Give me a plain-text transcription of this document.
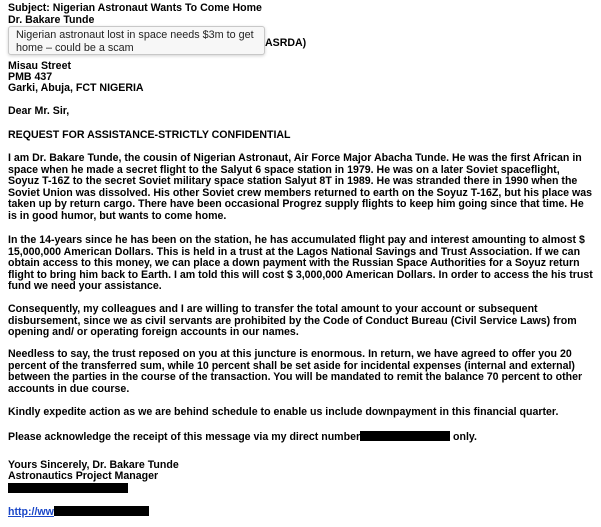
Subject: Nigerian Astronaut Wants To Come Home
Dr. Bakare Tunde
ASRDA)
Misau Street
PMB 437
Garki, Abuja, FCT NIGERIA
Dear Mr. Sir,
REQUEST FOR ASSISTANCE-STRICTLY CONFIDENTIAL
I am Dr. Bakare Tunde, the cousin of Nigerian Astronaut, Air Force Major Abacha Tunde. He was the first African in space when he made a secret flight to the Salyut 6 space station in 1979. He was on a later Soviet spaceflight, Soyuz T-16Z to the secret Soviet military space station Salyut 8T in 1989. He was stranded there in 1990 when the Soviet Union was dissolved. His other Soviet crew members returned to earth on the Soyuz T-16Z, but his place was taken up by return cargo. There have been occasional Progrez supply flights to keep him going since that time. He is in good humor, but wants to come home.
In the 14-years since he has been on the station, he has accumulated flight pay and interest amounting to almost $ 15,000,000 American Dollars. This is held in a trust at the Lagos National Savings and Trust Association. If we can obtain access to this money, we can place a down payment with the Russian Space Authorities for a Soyuz return flight to bring him back to Earth. I am told this will cost $ 3,000,000 American Dollars. In order to access the his trust fund we need your assistance.
Consequently, my colleagues and I are willing to transfer the total amount to your account or subsequent disbursement, since we as civil servants are prohibited by the Code of Conduct Bureau (Civil Service Laws) from opening and/ or operating foreign accounts in our names.
Needless to say, the trust reposed on you at this juncture is enormous. In return, we have agreed to offer you 20 percent of the transferred sum, while 10 percent shall be set aside for incidental expenses (internal and external) between the parties in the course of the transaction. You will be mandated to remit the balance 70 percent to other accounts in due course.
Kindly expedite action as we are behind schedule to enable us include downpayment in this financial quarter.
Please acknowledge the receipt of this message via my direct number	only.
Yours Sincerely, Dr. Bakare Tunde
Astronautics Project Manager
http://ww
Nigerian astronaut lost in space needs $3m to get home – could be a scam
